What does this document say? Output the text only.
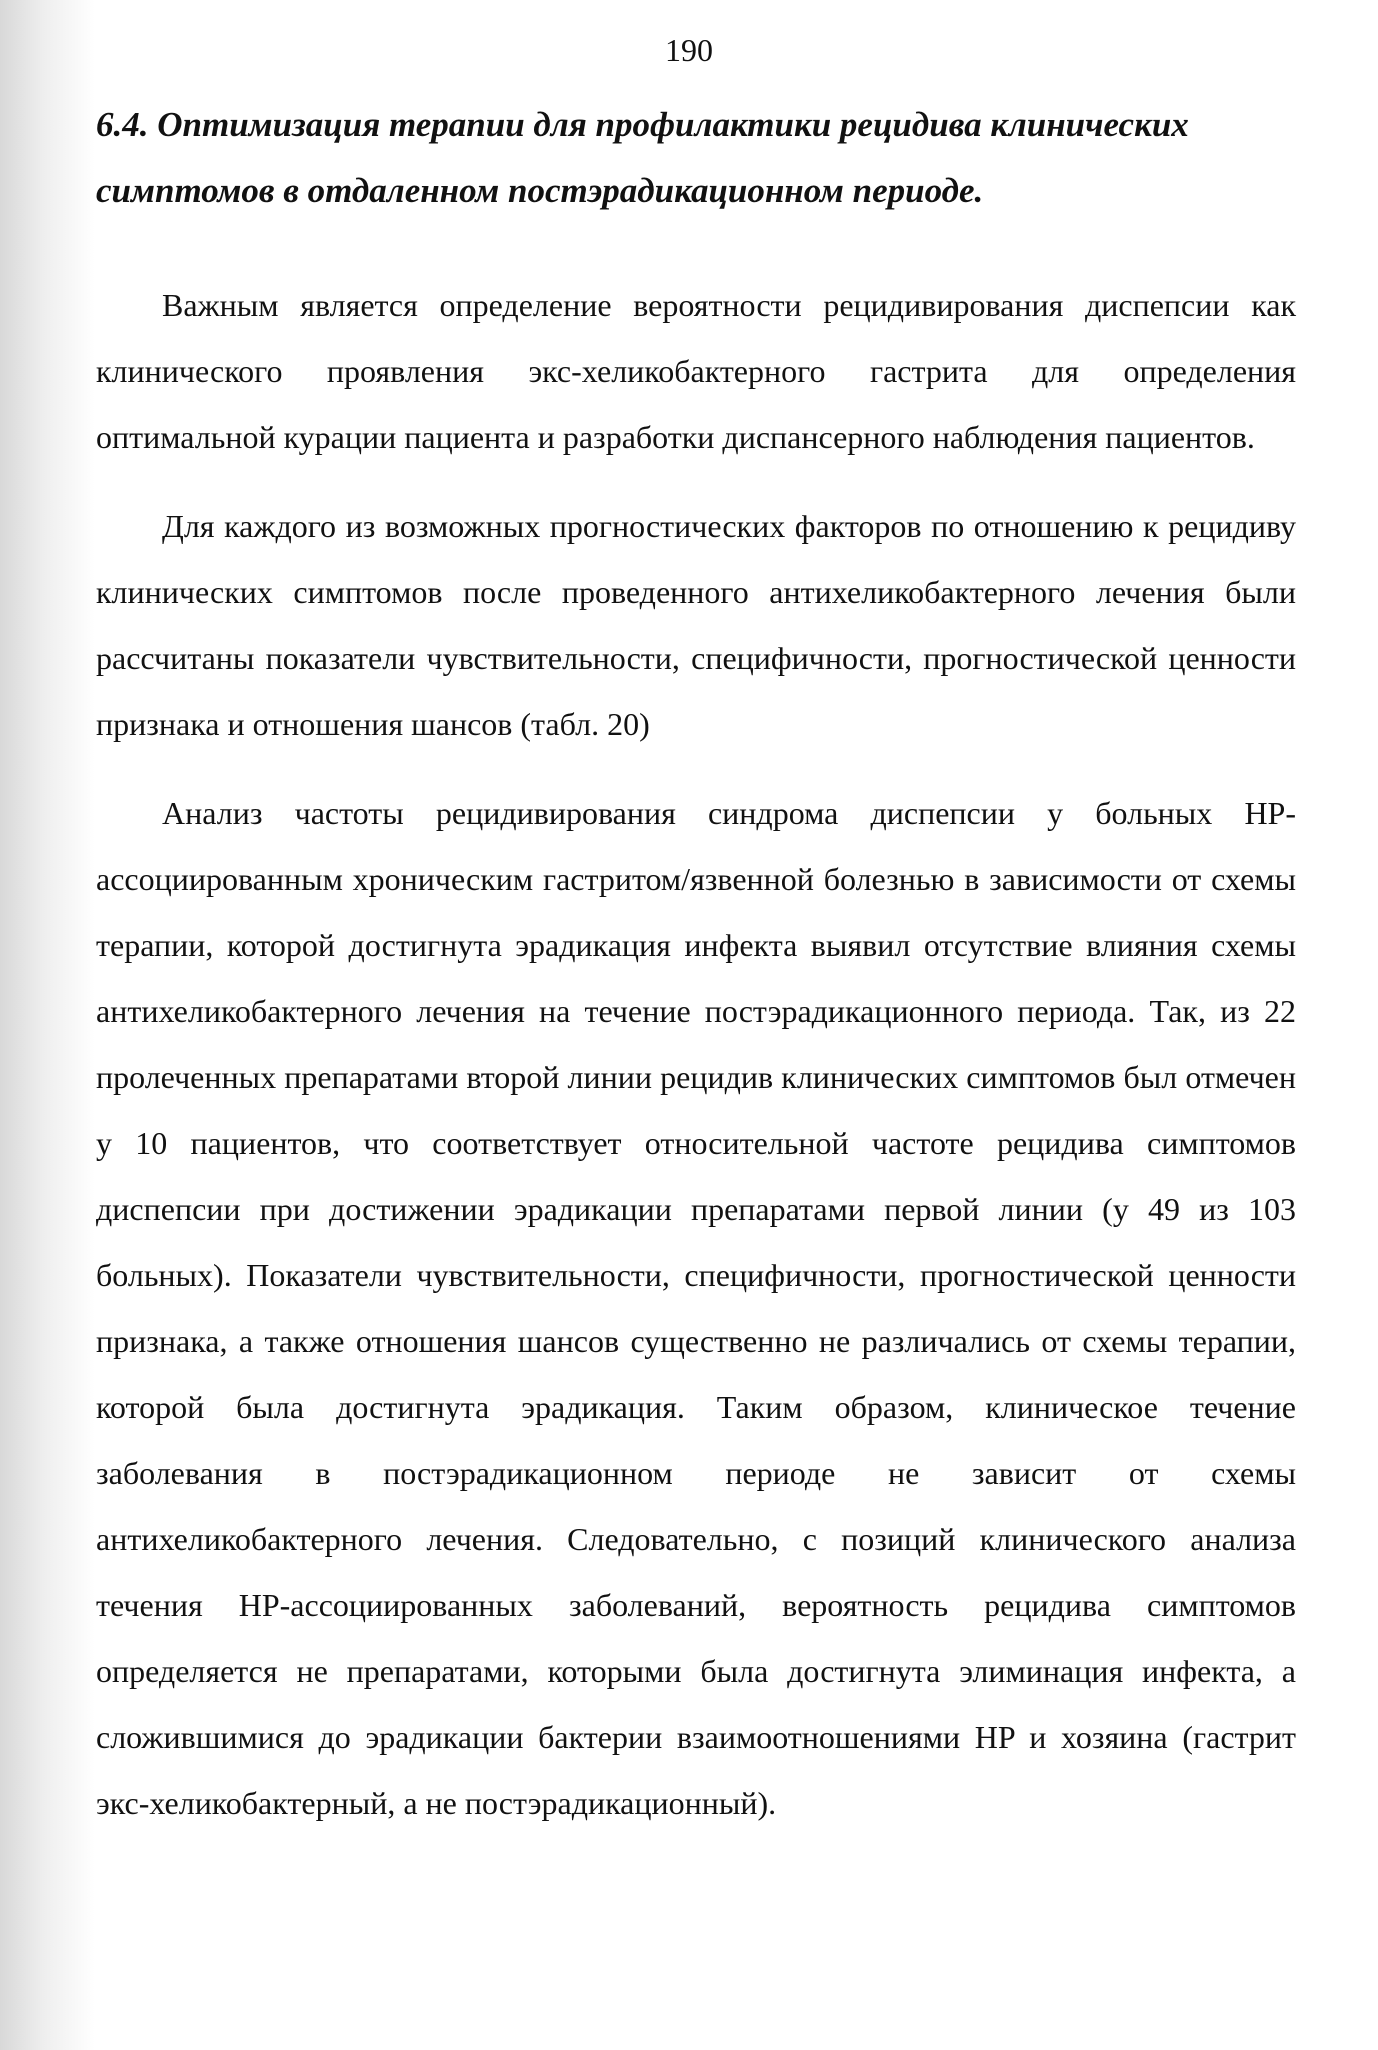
190
6.4. Оптимизация терапии для профилактики рецидива клинических симптомов в отдаленном постэрадикационном периоде.

Важным является определение вероятности рецидивирования диспепсии как клинического проявления экс-хеликобактерного гастрита для определения оптимальной курации пациента и разработки диспансерного наблюдения пациентов.

Для каждого из возможных прогностических факторов по отношению к рецидиву клинических симптомов после проведенного антихеликобактерного лечения были рассчитаны показатели чувствительности, специфичности, прогностической ценности признака и отношения шансов (табл. 20)

Анализ частоты рецидивирования синдрома диспепсии у больных HP-ассоциированным хроническим гастритом/язвенной болезнью в зависимости от схемы терапии, которой достигнута эрадикация инфекта выявил отсутствие влияния схемы антихеликобактерного лечения на течение постэрадикационного периода. Так, из 22 пролеченных препаратами второй линии рецидив клинических симптомов был отмечен у 10 пациентов, что соответствует относительной частоте рецидива симптомов диспепсии при достижении эрадикации препаратами первой линии (у 49 из 103 больных). Показатели чувствительности, специфичности, прогностической ценности признака, а также отношения шансов существенно не различались от схемы терапии, которой была достигнута эрадикация. Таким образом, клиническое течение заболевания в постэрадикационном периоде не зависит от схемы антихеликобактерного лечения. Следовательно, с позиций клинического анализа течения HP-ассоциированных заболеваний, вероятность рецидива симптомов определяется не препаратами, которыми была достигнута элиминация инфекта, а сложившимися до эрадикации бактерии взаимоотношениями HP и хозяина (гастрит экс-хеликобактерный, а не постэрадикационный).
